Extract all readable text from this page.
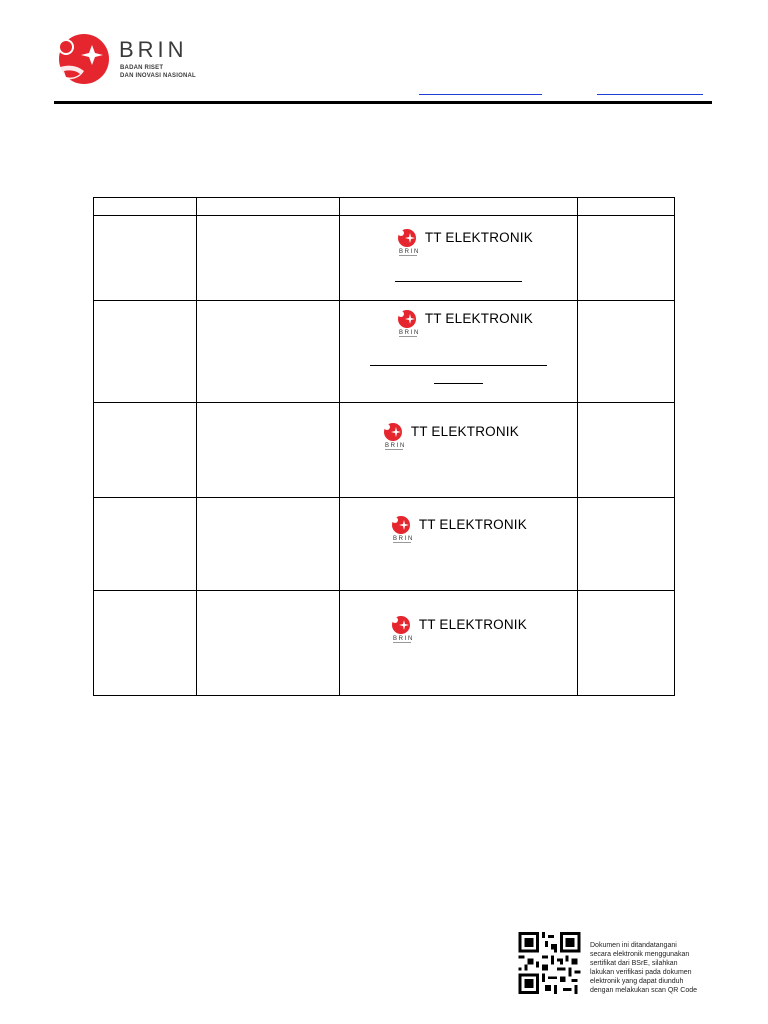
BRIN
BADAN RISET
DAN INOVASI NASIONAL

B R I N
TT ELEKTRONIK	

B R I N
TT ELEKTRONIK	

B R I N
TT ELEKTRONIK	

B R I N
TT ELEKTRONIK	

B R I N
TT ELEKTRONIK	

Dokumen ini ditandatangani
secara elektronik menggunakan
sertifikat dari BSrE, silahkan
lakukan verifikasi pada dokumen
elektronik yang dapat diunduh
dengan melakukan scan QR Code
